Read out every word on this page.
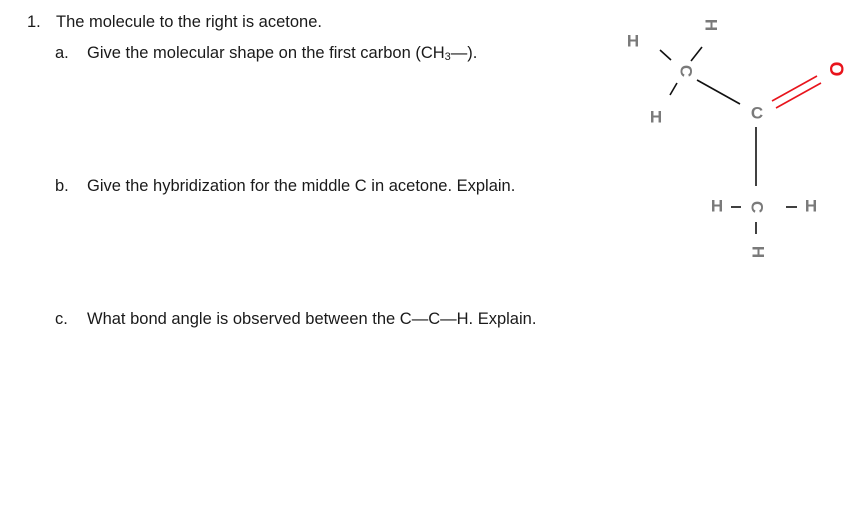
1. The molecule to the right is acetone.
a. Give the molecular shape on the first carbon $(CH_3—)$.
b. Give the hybridization for the middle C in acetone. Explain.
c. What bond angle is observed between the C—C—H. Explain.
H
H
C
H	C
O
C
H	H
H
